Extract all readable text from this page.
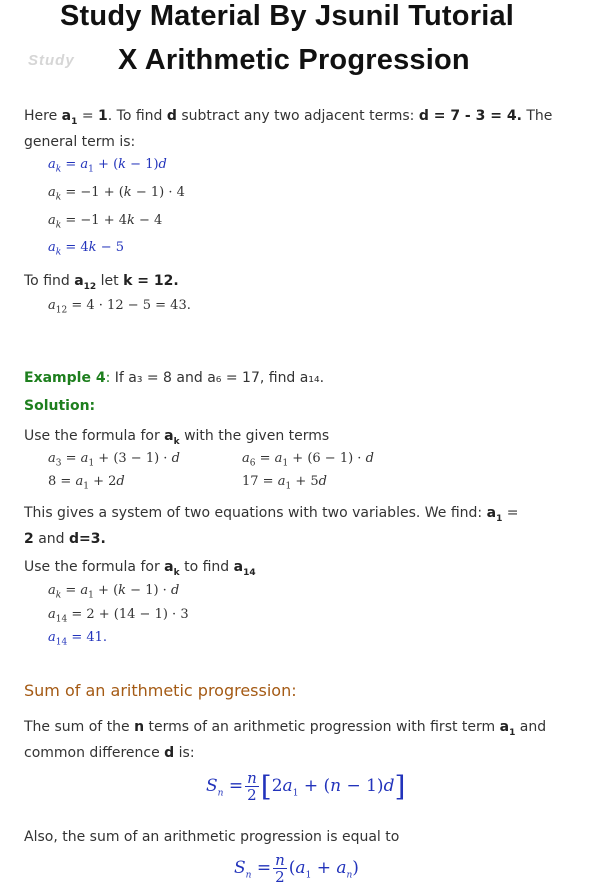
Study Material By Jsunil Tutorial
Study X Arithmetic Progression
Here $a_1 = 1$. To find d subtract any two adjacent terms: d = 7 - 3 = 4. The
general term is:
$a_k = a_1 + (k - 1)d$
$a_k = -1 + (k - 1) \cdot 4$
$a_k = -1 + 4k - 4$
$a_k = 4k - 5$
To find $a_{12}$ let k = 12.
$a_{12} = 4 \cdot 12 - 5 = 43$.
Example 4: If a₃ = 8 and a₆ = 17, find a₁₄.
Solution:
Use the formula for $a_k$ with the given terms
$a_3 = a_1 + (3 - 1) \cdot d$
$8 = a_1 + 2d$
$a_6 = a_1 + (6 - 1) \cdot d$
$17 = a_1 + 5d$
This gives a system of two equations with two variables. We find: $a_1$ =
2 and d=3.
Use the formula for $a_k$ to find $a_{14}$
$a_k = a_1 + (k - 1) \cdot d$
$a_{14} = 2 + (14 - 1) \cdot 3$
$a_{14} = 41$.
Sum of an arithmetic progression:
The sum of the n terms of an arithmetic progression with first term $a_1$ and
common difference d is:
$S_n = \frac{n}{2} [2a_1 + (n - 1)d]$
Also, the sum of an arithmetic progression is equal to
$S_n = \frac{n}{2} (a_1 + a_n)$
